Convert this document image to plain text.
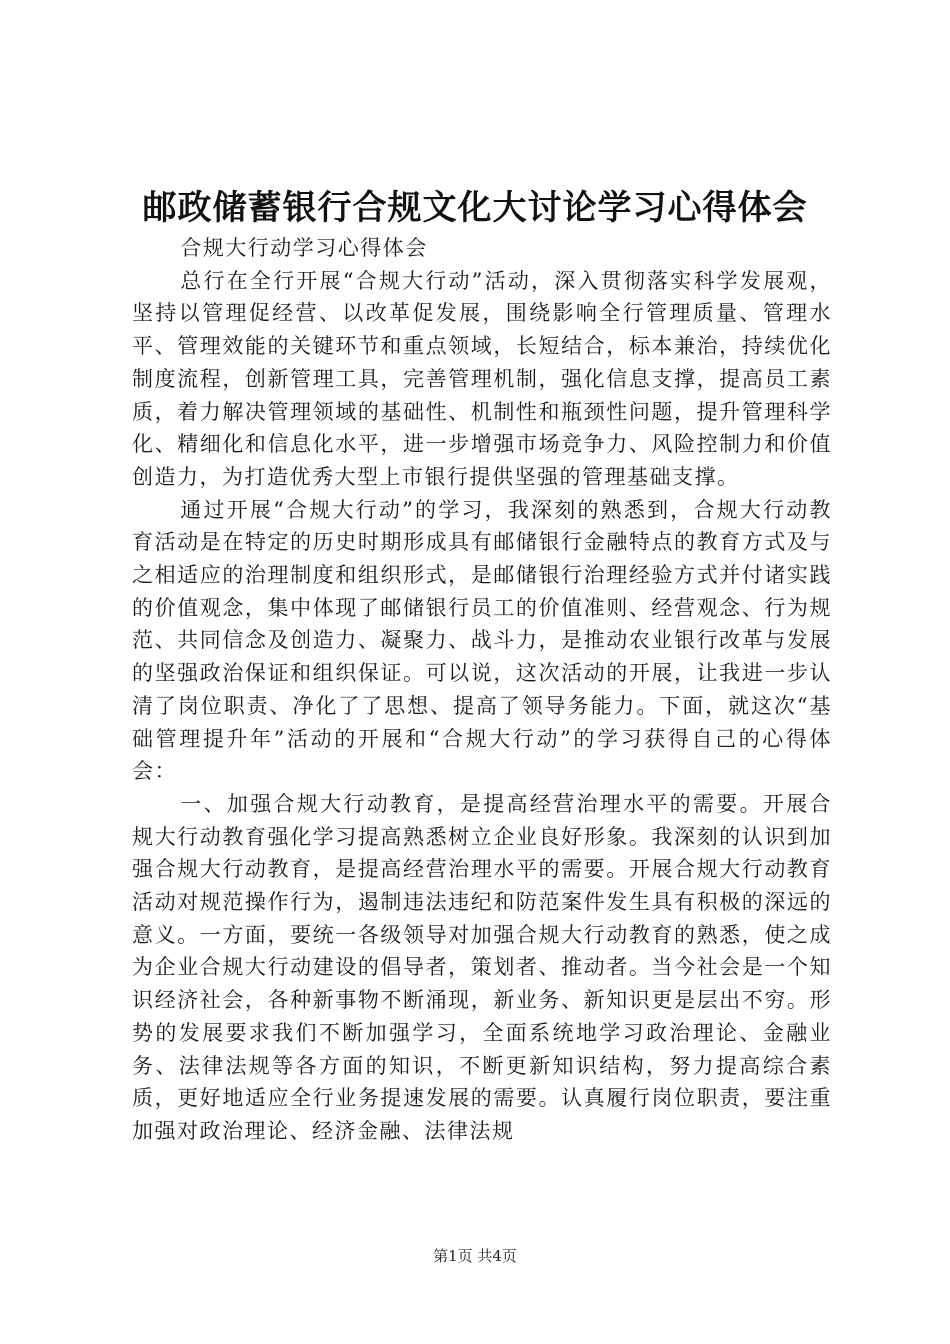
邮政储蓄银行合规文化大讨论学习心得体会

合规大行动学习心得体会

总行在全行开展“合规大行动”活动，深入贯彻落实科学发展观，坚持以管理促经营、以改革促发展，围绕影响全行管理质量、管理水平、管理效能的关键环节和重点领域，长短结合，标本兼治，持续优化制度流程，创新管理工具，完善管理机制，强化信息支撑，提高员工素质，着力解决管理领域的基础性、机制性和瓶颈性问题，提升管理科学化、精细化和信息化水平，进一步增强市场竞争力、风险控制力和价值创造力，为打造优秀大型上市银行提供坚强的管理基础支撑。

通过开展“合规大行动”的学习，我深刻的熟悉到，合规大行动教育活动是在特定的历史时期形成具有邮储银行金融特点的教育方式及与之相适应的治理制度和组织形式，是邮储银行治理经验方式并付诸实践的价值观念，集中体现了邮储银行员工的价值准则、经营观念、行为规范、共同信念及创造力、凝聚力、战斗力，是推动农业银行改革与发展的坚强政治保证和组织保证。可以说，这次活动的开展，让我进一步认清了岗位职责、净化了了思想、提高了领导务能力。下面，就这次“基础管理提升年”活动的开展和“合规大行动”的学习获得自己的心得体会：

一、加强合规大行动教育，是提高经营治理水平的需要。开展合规大行动教育强化学习提高熟悉树立企业良好形象。我深刻的认识到加强合规大行动教育，是提高经营治理水平的需要。开展合规大行动教育活动对规范操作行为，遏制违法违纪和防范案件发生具有积极的深远的意义。一方面，要统一各级领导对加强合规大行动教育的熟悉，使之成为企业合规大行动建设的倡导者，策划者、推动者。当今社会是一个知识经济社会，各种新事物不断涌现，新业务、新知识更是层出不穷。形势的发展要求我们不断加强学习，全面系统地学习政治理论、金融业务、法律法规等各方面的知识，不断更新知识结构，努力提高综合素质，更好地适应全行业务提速发展的需要。认真履行岗位职责，要注重加强对政治理论、经济金融、法律法规

第1页 共4页
